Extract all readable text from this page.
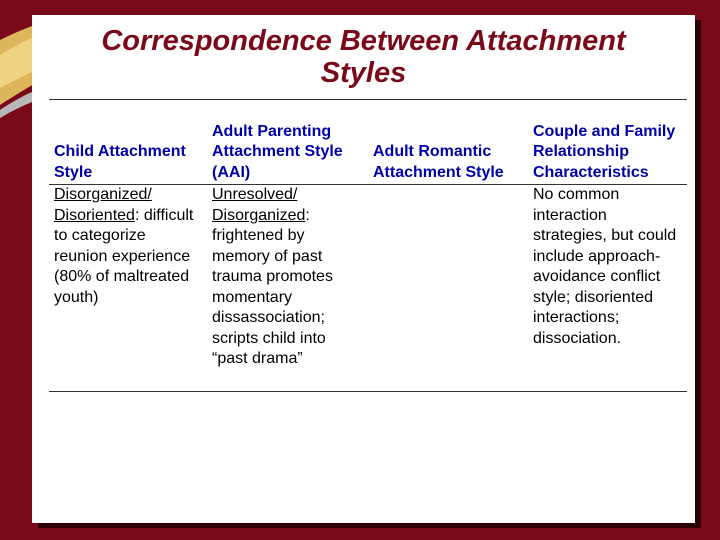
Correspondence Between Attachment
Styles
Child Attachment Style	Adult Parenting Attachment Style (AAI)	Adult Romantic Attachment Style	Couple and Family Relationship Characteristics
Disorganized/ Disoriented: difficult to categorize reunion experience (80% of maltreated youth)	Unresolved/ Disorganized: frightened by memory of past trauma promotes momentary dissassociation; scripts child into “past drama”		No common interaction strategies, but could include approach-avoidance conflict style; disoriented interactions; dissociation.
